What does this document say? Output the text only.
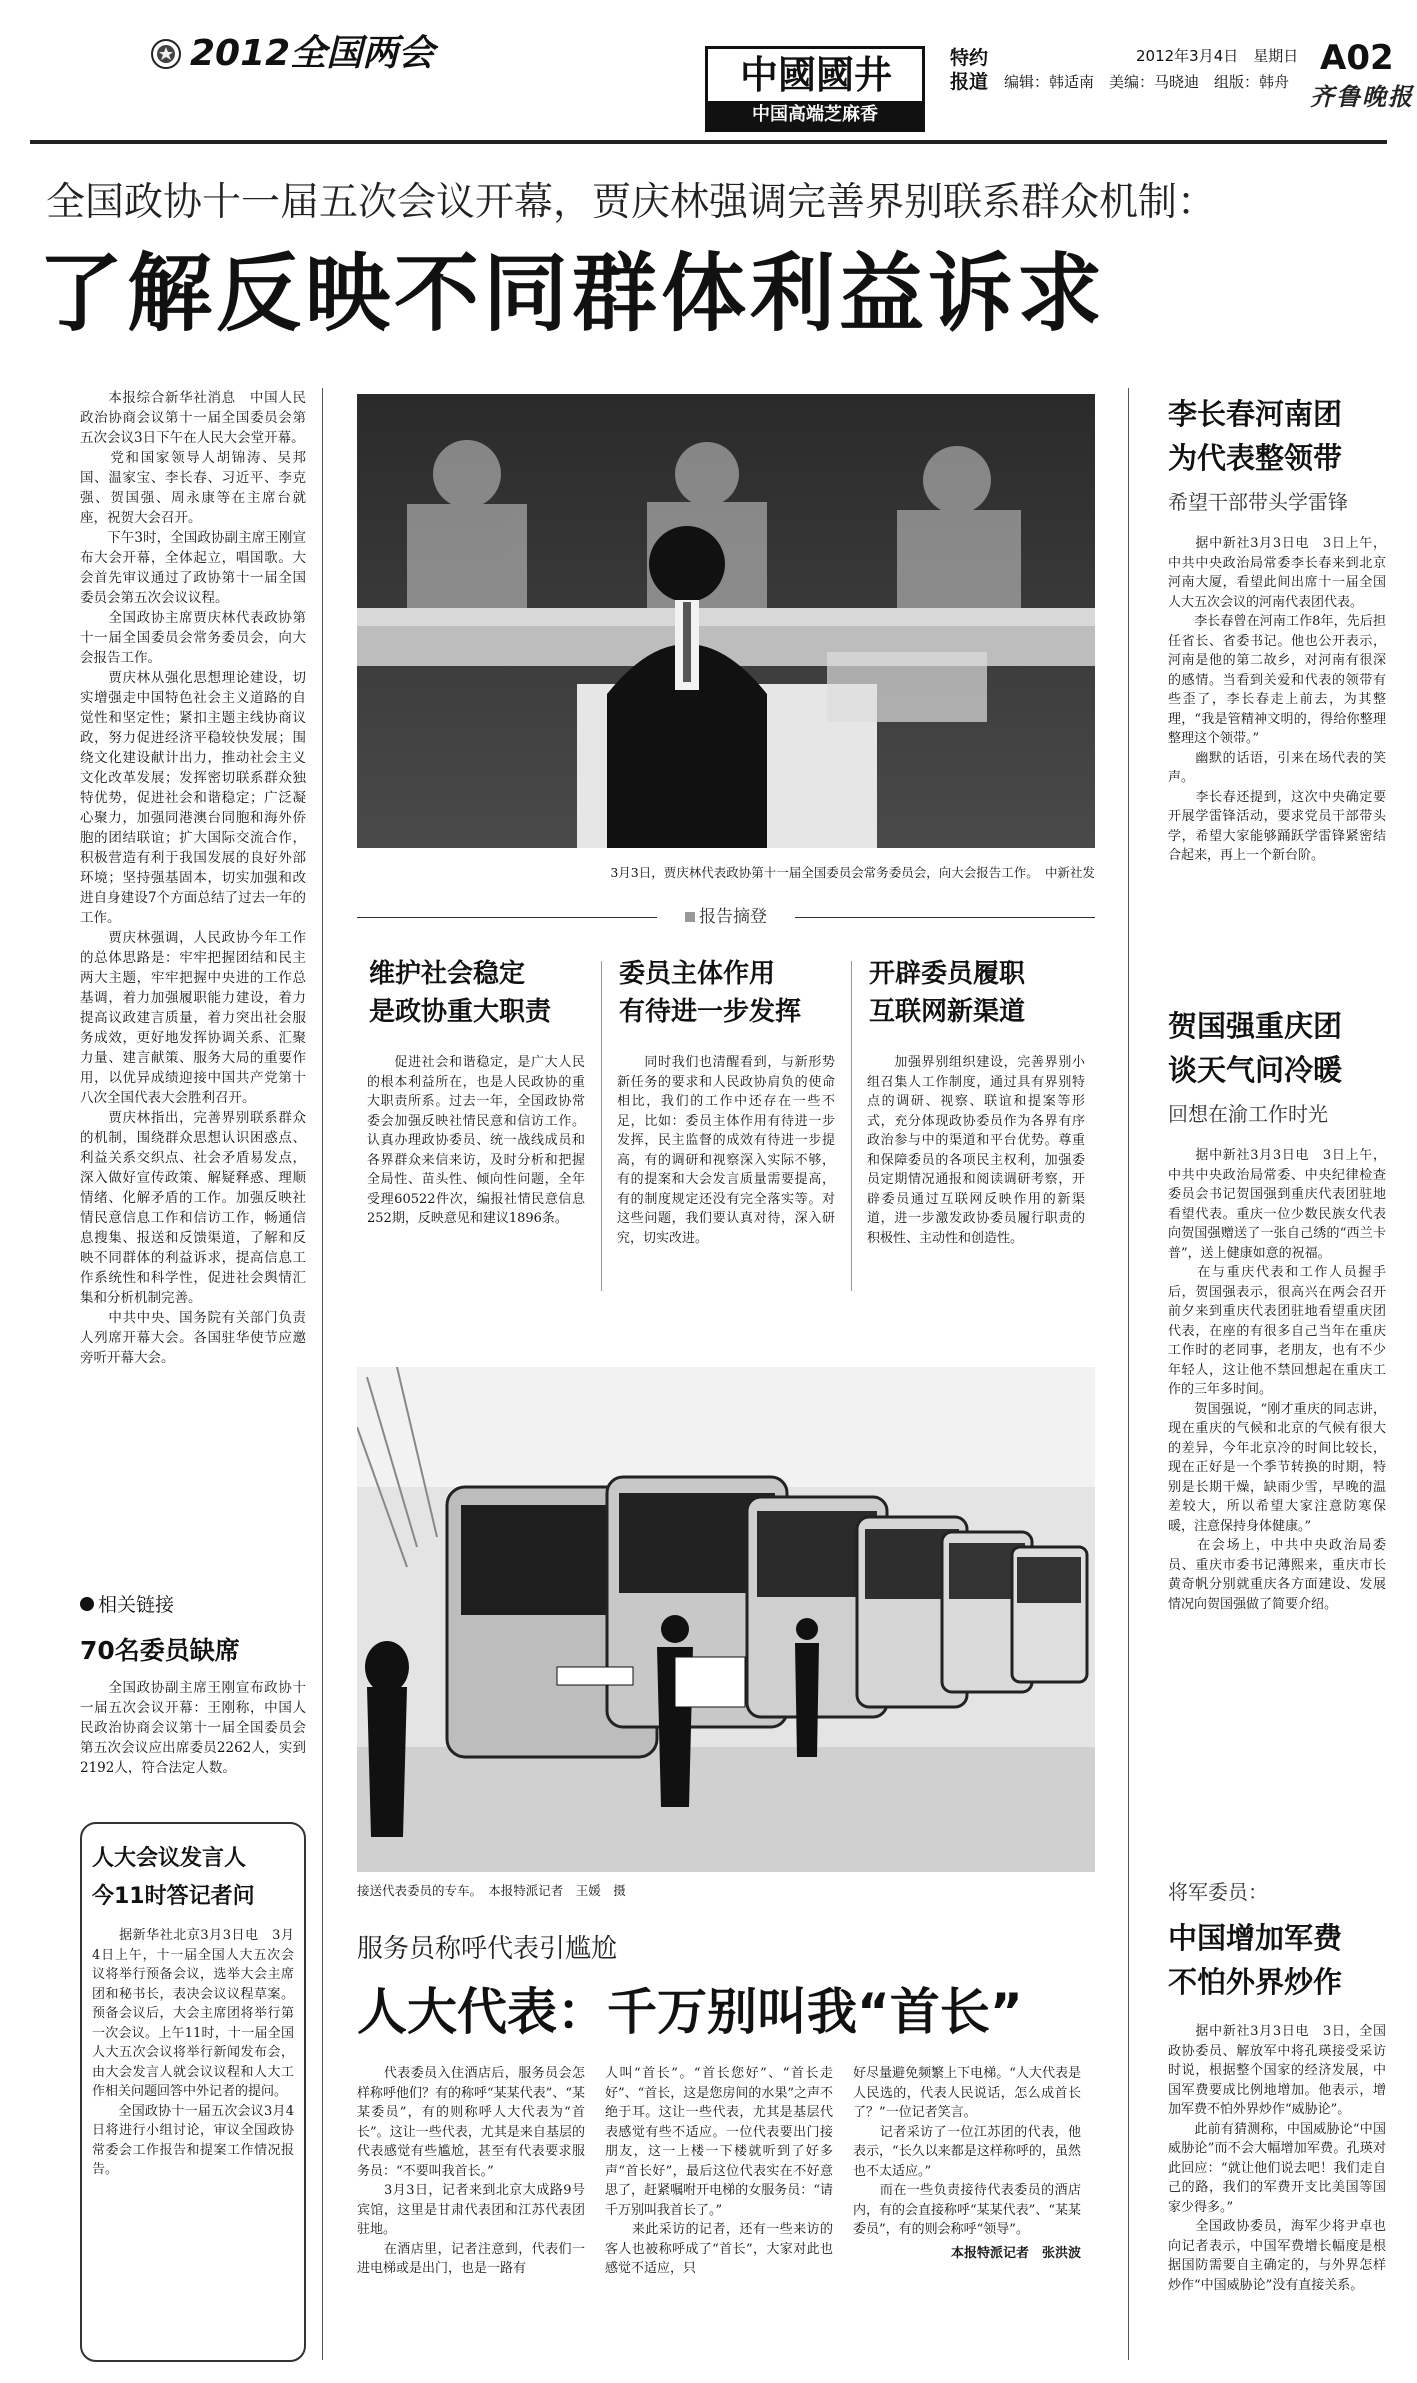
2012全国两会	中國國井
中国高端芝麻香
特约
报道 编辑：韩适南　美编：马晓迪　组版：韩舟
2012年3月4日　星期日 A02
齐鲁晚报
全国政协十一届五次会议开幕，贾庆林强调完善界别联系群众机制：
了解反映不同群体利益诉求
　　本报综合新华社消息　中国人民政治协商会议第十一届全国委员会第五次会议3日下午在人民大会堂开幕。
　　党和国家领导人胡锦涛、吴邦国、温家宝、李长春、习近平、李克强、贺国强、周永康等在主席台就座，祝贺大会召开。
　　下午3时，全国政协副主席王刚宣布大会开幕，全体起立，唱国歌。大会首先审议通过了政协第十一届全国委员会第五次会议议程。
　　全国政协主席贾庆林代表政协第十一届全国委员会常务委员会，向大会报告工作。
　　贾庆林从强化思想理论建设，切实增强走中国特色社会主义道路的自觉性和坚定性；紧扣主题主线协商议政，努力促进经济平稳较快发展；围绕文化建设献计出力，推动社会主义文化改革发展；发挥密切联系群众独特优势，促进社会和谐稳定；广泛凝心聚力，加强同港澳台同胞和海外侨胞的团结联谊；扩大国际交流合作，积极营造有利于我国发展的良好外部环境；坚持强基固本，切实加强和改进自身建设7个方面总结了过去一年的工作。
　　贾庆林强调，人民政协今年工作的总体思路是：牢牢把握团结和民主两大主题，牢牢把握中央进的工作总基调，着力加强履职能力建设，着力提高议政建言质量，着力突出社会服务成效，更好地发挥协调关系、汇聚力量、建言献策、服务大局的重要作用，以优异成绩迎接中国共产党第十八次全国代表大会胜利召开。
　　贾庆林指出，完善界别联系群众的机制，围绕群众思想认识困惑点、利益关系交织点、社会矛盾易发点，深入做好宣传政策、解疑释惑、理顺情绪、化解矛盾的工作。加强反映社情民意信息工作和信访工作，畅通信息搜集、报送和反馈渠道，了解和反映不同群体的利益诉求，提高信息工作系统性和科学性，促进社会舆情汇集和分析机制完善。
　　中共中央、国务院有关部门负责人列席开幕大会。各国驻华使节应邀旁听开幕大会。
相关链接
70名委员缺席
　　全国政协副主席王刚宣布政协十一届五次会议开幕：王刚称，中国人民政治协商会议第十一届全国委员会第五次会议应出席委员2262人，实到2192人，符合法定人数。
人大会议发言人
今11时答记者问
　　据新华社北京3月3日电　3月4日上午，十一届全国人大五次会议将举行预备会议，选举大会主席团和秘书长，表决会议议程草案。预备会议后，大会主席团将举行第一次会议。上午11时，十一届全国人大五次会议将举行新闻发布会，由大会发言人就会议议程和人大工作相关问题回答中外记者的提问。
　　全国政协十一届五次会议3月4日将进行小组讨论，审议全国政协常委会工作报告和提案工作情况报告。
3月3日，贾庆林代表政协第十一届全国委员会常务委员会，向大会报告工作。　中新社发
报告摘登
维护社会稳定
是政协重大职责
　　促进社会和谐稳定，是广大人民的根本利益所在，也是人民政协的重大职责所系。过去一年，全国政协常委会加强反映社情民意和信访工作。认真办理政协委员、统一战线成员和各界群众来信来访，及时分析和把握全局性、苗头性、倾向性问题，全年受理60522件次，编报社情民意信息252期，反映意见和建议1896条。
委员主体作用
有待进一步发挥
　　同时我们也清醒看到，与新形势新任务的要求和人民政协肩负的使命相比，我们的工作中还存在一些不足，比如：委员主体作用有待进一步发挥，民主监督的成效有待进一步提高，有的调研和视察深入实际不够，有的提案和大会发言质量需要提高，有的制度规定还没有完全落实等。对这些问题，我们要认真对待，深入研究，切实改进。
开辟委员履职
互联网新渠道
　　加强界别组织建设，完善界别小组召集人工作制度，通过具有界别特点的调研、视察、联谊和提案等形式，充分体现政协委员作为各界有序政治参与中的渠道和平台优势。尊重和保障委员的各项民主权利，加强委员定期情况通报和阅读调研考察，开辟委员通过互联网反映作用的新渠道，进一步激发政协委员履行职责的积极性、主动性和创造性。
接送代表委员的专车。　本报特派记者　王媛　摄
服务员称呼代表引尴尬
人大代表：千万别叫我“首长”
　　代表委员入住酒店后，服务员会怎样称呼他们？有的称呼“某某代表”、“某某委员”，有的则称呼人大代表为“首长”。这让一些代表，尤其是来自基层的代表感觉有些尴尬，甚至有代表要求服务员：“不要叫我首长。”
　　3月3日，记者来到北京大成路9号宾馆，这里是甘肃代表团和江苏代表团驻地。
　　在酒店里，记者注意到，代表们一进电梯或是出门，也是一路有
人叫“首长”。“首长您好”、“首长走好”、“首长，这是您房间的水果”之声不绝于耳。这让一些代表，尤其是基层代表感觉有些不适应。一位代表要出门接朋友，这一上楼一下楼就听到了好多声“首长好”，最后这位代表实在不好意思了，赶紧嘱咐开电梯的女服务员：“请千万别叫我首长了。”
　　来此采访的记者，还有一些来访的客人也被称呼成了“首长”，大家对此也感觉不适应，只
好尽量避免频繁上下电梯。“人大代表是人民选的，代表人民说话，怎么成首长了？”一位记者笑言。
　　记者采访了一位江苏团的代表，他表示，“长久以来都是这样称呼的，虽然也不太适应。”
　　而在一些负责接待代表委员的酒店内，有的会直接称呼“某某代表”、“某某委员”，有的则会称呼“领导”。
本报特派记者　张洪波
李长春河南团
为代表整领带
希望干部带头学雷锋
　　据中新社3月3日电　3日上午，中共中央政治局常委李长春来到北京河南大厦，看望此间出席十一届全国人大五次会议的河南代表团代表。
　　李长春曾在河南工作8年，先后担任省长、省委书记。他也公开表示，河南是他的第二故乡，对河南有很深的感情。当看到关爱和代表的领带有些歪了，李长春走上前去，为其整理，“我是管精神文明的，得给你整理整理这个领带。”
　　幽默的话语，引来在场代表的笑声。
　　李长春还提到，这次中央确定要开展学雷锋活动，要求党员干部带头学，希望大家能够踊跃学雷锋紧密结合起来，再上一个新台阶。
贺国强重庆团
谈天气问冷暖
回想在渝工作时光
　　据中新社3月3日电　3日上午，中共中央政治局常委、中央纪律检查委员会书记贺国强到重庆代表团驻地看望代表。重庆一位少数民族女代表向贺国强赠送了一张自己绣的“西兰卡普”，送上健康如意的祝福。
　　在与重庆代表和工作人员握手后，贺国强表示，很高兴在两会召开前夕来到重庆代表团驻地看望重庆团代表，在座的有很多自己当年在重庆工作时的老同事，老朋友，也有不少年轻人，这让他不禁回想起在重庆工作的三年多时间。
　　贺国强说，“刚才重庆的同志讲，现在重庆的气候和北京的气候有很大的差异，今年北京冷的时间比较长，现在正好是一个季节转换的时期，特别是长期干燥，缺雨少雪，早晚的温差较大，所以希望大家注意防寒保暖，注意保持身体健康。”
　　在会场上，中共中央政治局委员、重庆市委书记薄熙来，重庆市长黄奇帆分别就重庆各方面建设、发展情况向贺国强做了简要介绍。
将军委员：
中国增加军费
不怕外界炒作
　　据中新社3月3日电　3日，全国政协委员、解放军中将孔瑛接受采访时说，根据整个国家的经济发展，中国军费要成比例地增加。他表示，增加军费不怕外界炒作“威胁论”。
　　此前有猜测称，中国威胁论“中国威胁论”而不会大幅增加军费。孔瑛对此回应：“就让他们说去吧！我们走自己的路，我们的军费开支比美国等国家少得多。”
　　全国政协委员，海军少将尹卓也向记者表示，中国军费增长幅度是根据国防需要自主确定的，与外界怎样炒作“中国威胁论”没有直接关系。
